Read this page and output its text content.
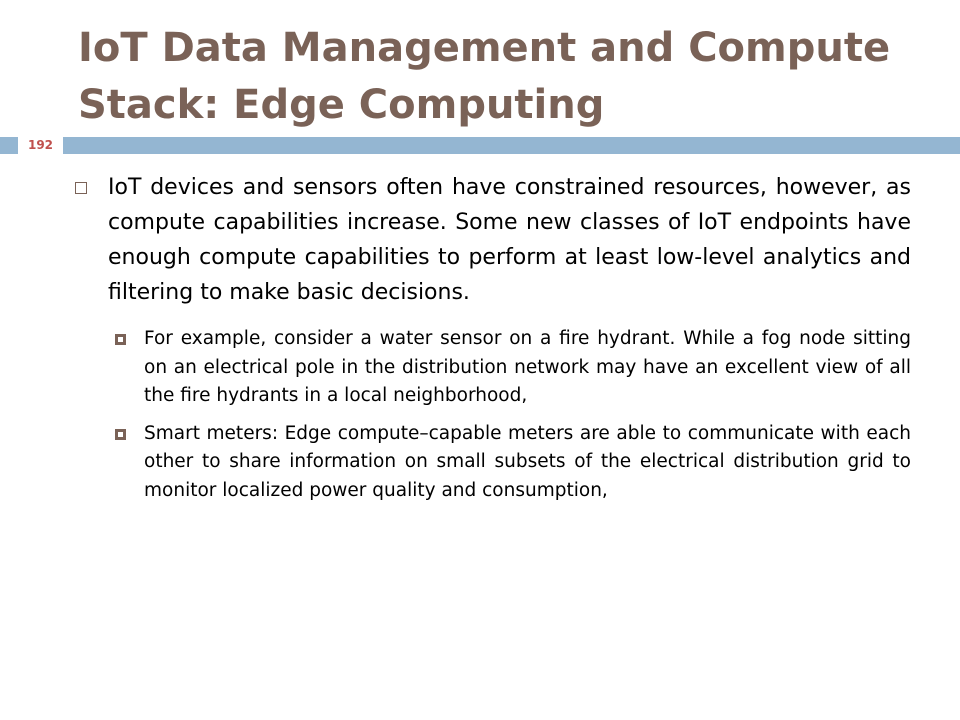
IoT Data Management and Compute Stack: Edge Computing
192
IoT devices and sensors often have constrained resources, however, as compute capabilities increase. Some new classes of IoT endpoints have enough compute capabilities to perform at least low-level analytics and filtering to make basic decisions.
For example, consider a water sensor on a fire hydrant. While a fog node sitting on an electrical pole in the distribution network may have an excellent view of all the fire hydrants in a local neighborhood,
Smart meters: Edge compute–capable meters are able to communicate with each other to share information on small subsets of the electrical distribution grid to monitor localized power quality and consumption,
